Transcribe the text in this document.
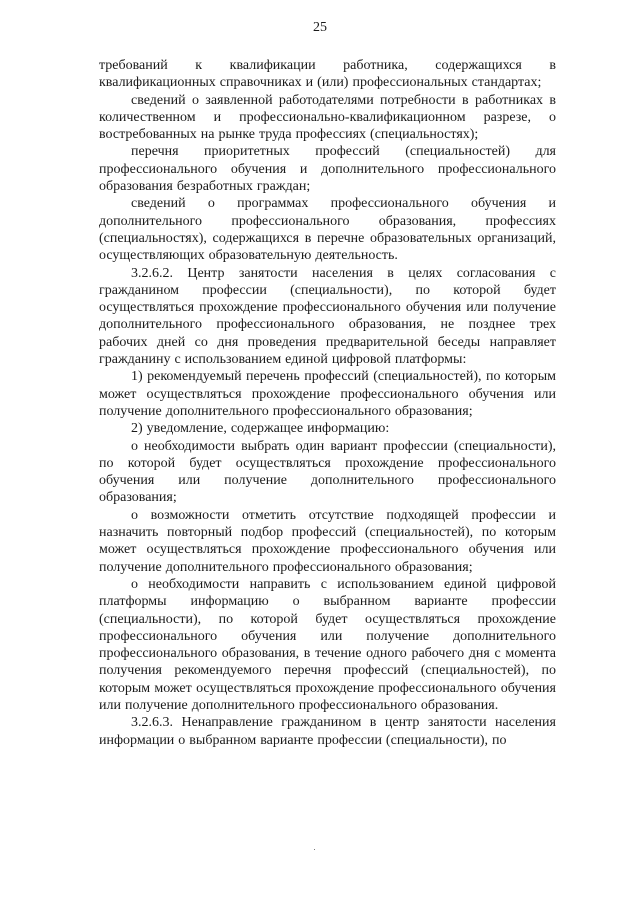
25

требований к квалификации работника, содержащихся в квалификационных справочниках и (или) профессиональных стандартах;

сведений о заявленной работодателями потребности в работниках в количественном и профессионально-квалификационном разрезе, о востребованных на рынке труда профессиях (специальностях);

перечня приоритетных профессий (специальностей) для профессионального обучения и дополнительного профессионального образования безработных граждан;

сведений о программах профессионального обучения и дополнительного профессионального образования, профессиях (специальностях), содержащихся в перечне образовательных организаций, осуществляющих образовательную деятельность.

3.2.6.2. Центр занятости населения в целях согласования с гражданином профессии (специальности), по которой будет осуществляться прохождение профессионального обучения или получение дополнительного профессионального образования, не позднее трех рабочих дней со дня проведения предварительной беседы направляет гражданину с использованием единой цифровой платформы:

1) рекомендуемый перечень профессий (специальностей), по которым может осуществляться прохождение профессионального обучения или получение дополнительного профессионального образования;

2) уведомление, содержащее информацию:

о необходимости выбрать один вариант профессии (специальности), по которой будет осуществляться прохождение профессионального обучения или получение дополнительного профессионального образования;

о возможности отметить отсутствие подходящей профессии и назначить повторный подбор профессий (специальностей), по которым может осуществляться прохождение профессионального обучения или получение дополнительного профессионального образования;

о необходимости направить с использованием единой цифровой платформы информацию о выбранном варианте профессии (специальности), по которой будет осуществляться прохождение профессионального обучения или получение дополнительного профессионального образования, в течение одного рабочего дня с момента получения рекомендуемого перечня профессий (специальностей), по которым может осуществляться прохождение профессионального обучения или получение дополнительного профессионального образования.

3.2.6.3. Ненаправление гражданином в центр занятости населения информации о выбранном варианте профессии (специальности), по
